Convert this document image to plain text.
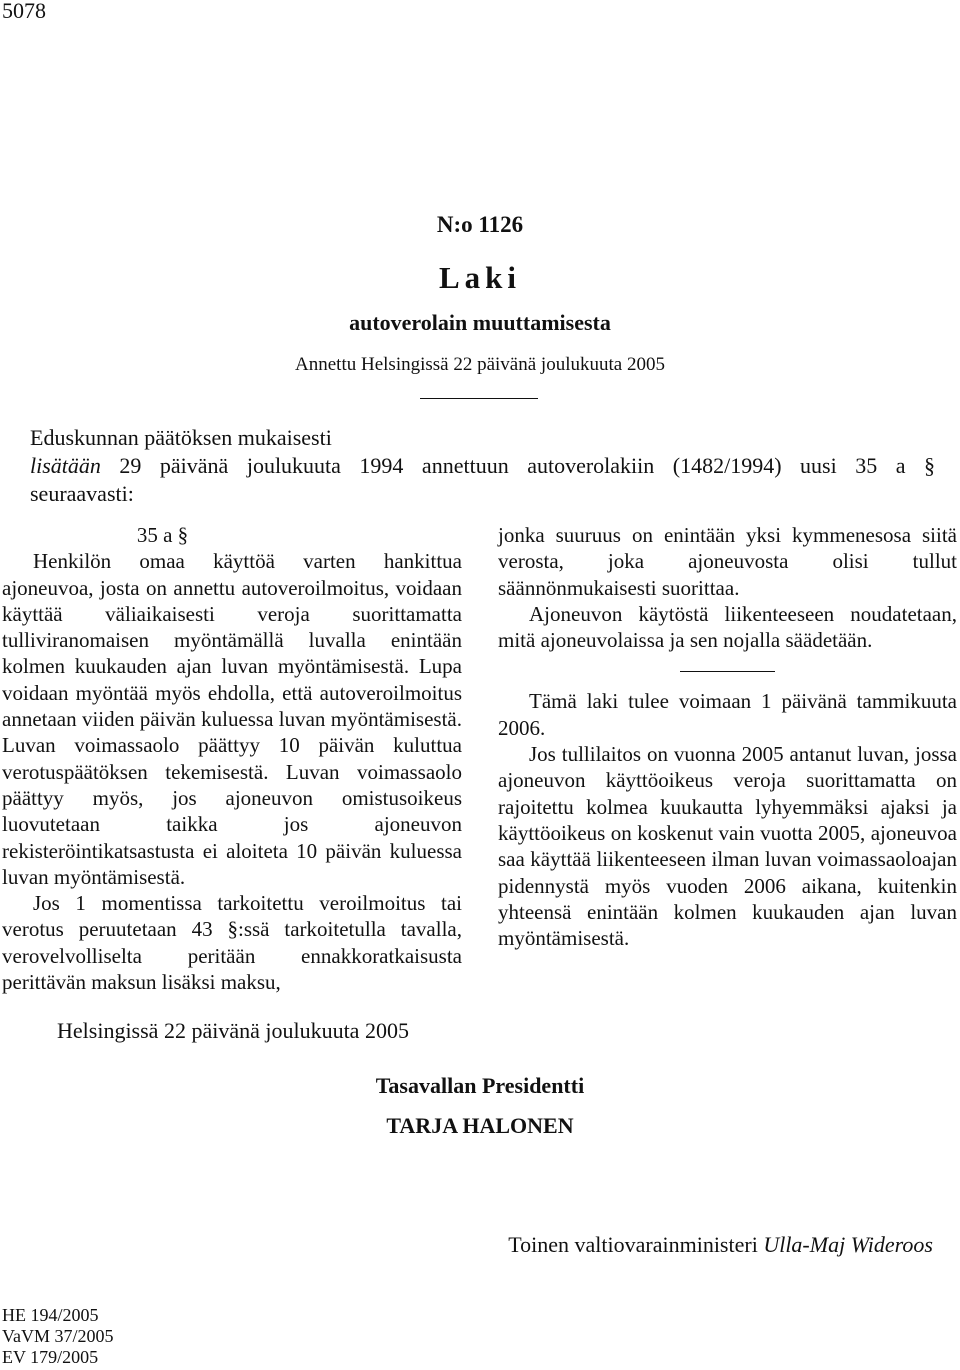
5078
N:o 1126
Laki
autoverolain muuttamisesta
Annettu Helsingissä 22 päivänä joulukuuta 2005
Eduskunnan päätöksen mukaisesti
lisätään 29 päivänä joulukuuta 1994 annettuun autoverolakiin (1482/1994) uusi 35 a §
seuraavasti:

35 a §

Henkilön omaa käyttöä varten hankittua ajoneuvoa, josta on annettu autoveroilmoitus, voidaan käyttää väliaikaisesti veroja suorittamatta tulliviranomaisen myöntämällä luvalla enintään kolmen kuukauden ajan luvan myöntämisestä. Lupa voidaan myöntää myös ehdolla, että autoveroilmoitus annetaan viiden päivän kuluessa luvan myöntämisestä. Luvan voimassaolo päättyy 10 päivän kuluttua verotuspäätöksen tekemisestä. Luvan voimassaolo päättyy myös, jos ajoneuvon omistusoikeus luovutetaan taikka jos ajoneuvon rekisteröintikatsastusta ei aloiteta 10 päivän kuluessa luvan myöntämisestä.

Jos 1 momentissa tarkoitettu veroilmoitus tai verotus peruutetaan 43 §:ssä tarkoitetulla tavalla, verovelvolliselta peritään ennakkoratkaisusta perittävän maksun lisäksi maksu,

jonka suuruus on enintään yksi kymmenesosa siitä verosta, joka ajoneuvosta olisi tullut säännönmukaisesti suorittaa.

Ajoneuvon käytöstä liikenteeseen noudatetaan, mitä ajoneuvolaissa ja sen nojalla säädetään.

Tämä laki tulee voimaan 1 päivänä tammikuuta 2006.

Jos tullilaitos on vuonna 2005 antanut luvan, jossa ajoneuvon käyttöoikeus veroja suorittamatta on rajoitettu kolmea kuukautta lyhyemmäksi ajaksi ja käyttöoikeus on koskenut vain vuotta 2005, ajoneuvoa saa käyttää liikenteeseen ilman luvan voimassaoloajan pidennystä myös vuoden 2006 aikana, kuitenkin yhteensä enintään kolmen kuukauden ajan luvan myöntämisestä.

Helsingissä 22 päivänä joulukuuta 2005
Tasavallan Presidentti
TARJA HALONEN
Toinen valtiovarainministeri Ulla-Maj Wideroos
HE 194/2005
VaVM 37/2005
EV 179/2005
